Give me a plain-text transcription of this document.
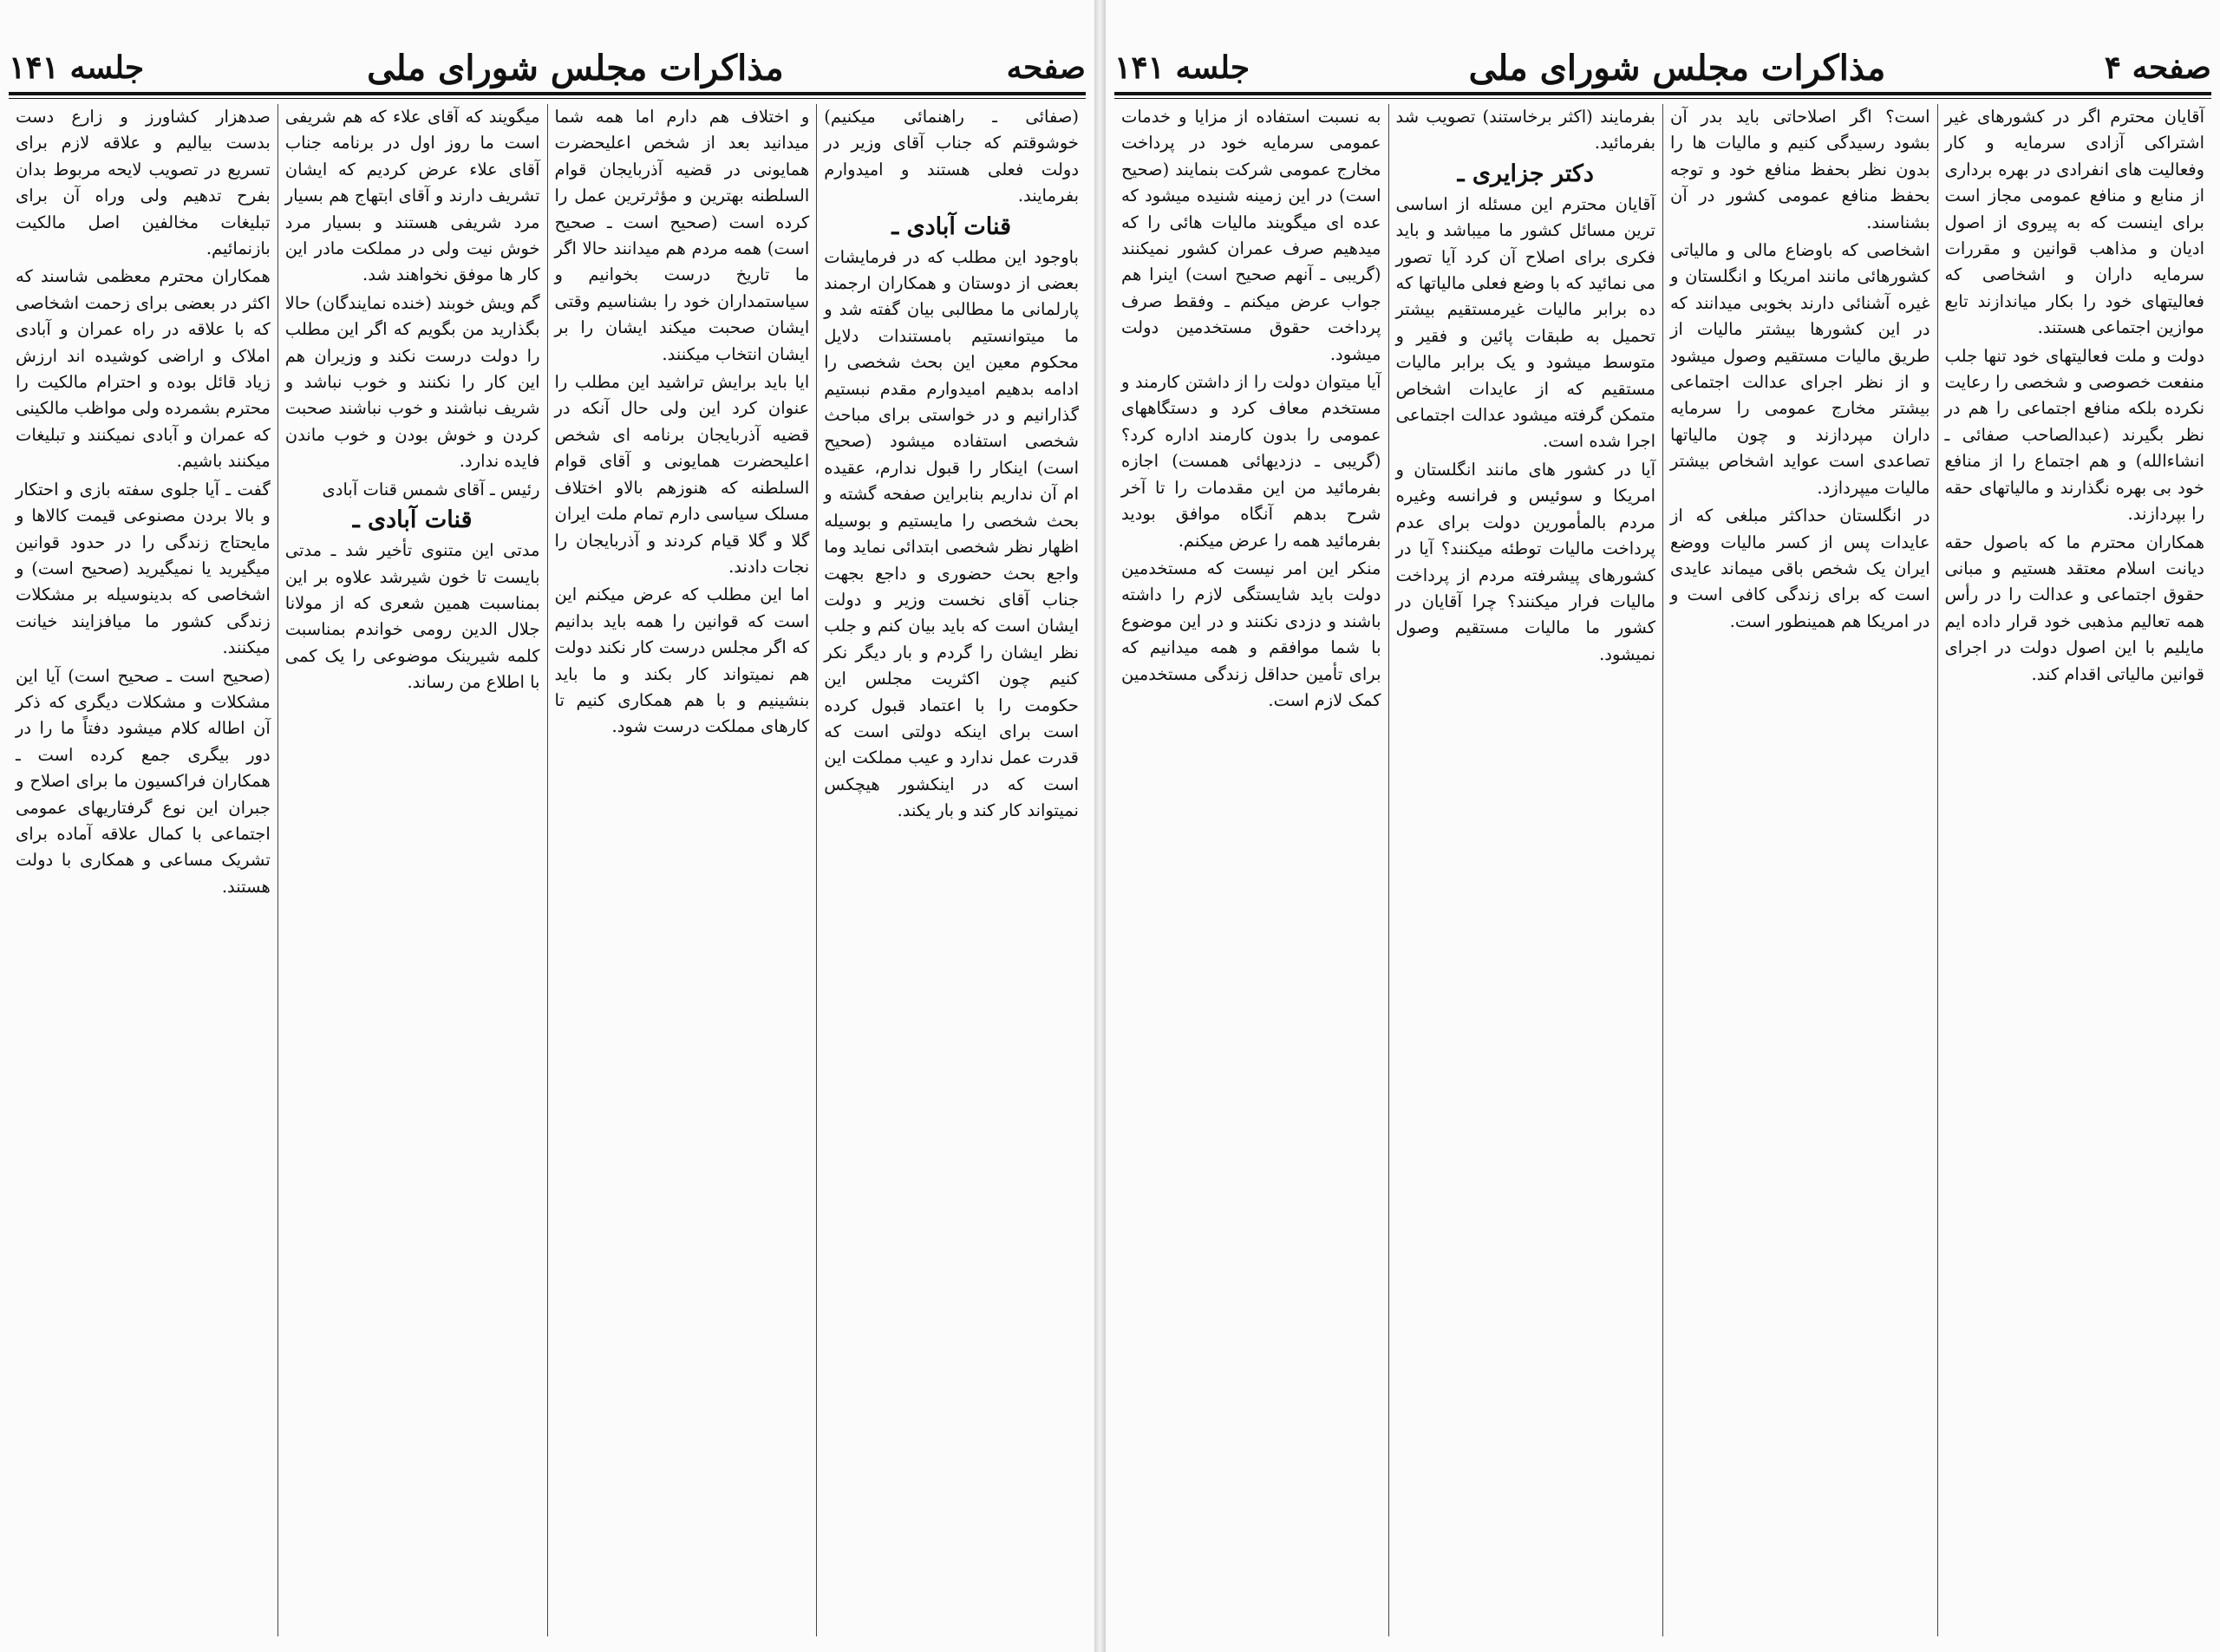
صفحه
مذاکرات مجلس شورای ملی
جلسه ۱۴۱

(صفائی ـ راهنمائی میکنیم) خوشوقتم که جناب آقای وزیر در دولت فعلی هستند و امیدوارم بفرمایند.

قنات آبادی ـ

باوجود این مطلب که در فرمایشات بعضی از دوستان و همکاران ارجمند پارلمانی ما مطالبی بیان گفته شد و ما میتوانستیم بامستندات دلایل محکوم معین این بحث شخصی را ادامه بدهیم امیدوارم مقدم نبستیم گذارانیم و در خواستی برای مباحث شخصی استفاده میشود (صحیح است) اینکار را قبول ندارم، عقیده ام آن نداریم بنابراین صفحه گشته و بحث شخصی را مایستیم و بوسیله اظهار نظر شخصی ابتدائی نماید وما واجع بحث حضوری و داجع بجهت جناب آقای نخست وزیر و دولت ایشان است که باید بیان کنم و جلب نظر ایشان را گردم و بار دیگر نکر کنیم چون اکثریت مجلس این حکومت را با اعتماد قبول کرده است برای اینکه دولتی است که قدرت عمل ندارد و عیب مملکت این است که در اینکشور هیچکس نمیتواند کار کند و بار یکند.

و اختلاف هم دارم اما همه شما میدانید بعد از شخص اعلیحضرت همایونی در قضیه آذربایجان قوام السلطنه بهترین و مؤثرترین عمل را کرده است (صحیح است ـ صحیح است) همه مردم هم میدانند حالا اگر ما تاریخ درست بخوانیم و سیاستمداران خود را بشناسیم وقتی ایشان صحبت میکند ایشان را بر ایشان انتخاب میکنند.

ایا باید برایش تراشید این مطلب را عنوان کرد این ولی حال آنکه در قضیه آذربایجان برنامه ای شخص اعلیحضرت همایونی و آقای قوام السلطنه که هنوزهم بالاو اختلاف مسلک سیاسی دارم تمام ملت ایران گلا و گلا قیام کردند و آذربایجان را نجات دادند.

اما این مطلب که عرض میکنم این است که قوانین را همه باید بدانیم که اگر مجلس درست کار نکند دولت هم نمیتواند کار بکند و ما باید بنشینیم و با هم همکاری کنیم تا کارهای مملکت درست شود.

میگویند که آقای علاء که هم شریفی است ما روز اول در برنامه جناب آقای علاء عرض کردیم که ایشان تشریف دارند و آقای ابتهاج هم بسیار مرد شریفی هستند و بسیار مرد خوش نیت ولی در مملکت مادر این کار ها موفق نخواهند شد.

گم ویش خوبند (خنده نمایندگان) حالا بگذارید من بگویم که اگر این مطلب را دولت درست نکند و وزیران هم این کار را نکنند و خوب نباشد و شریف نباشند و خوب نباشند صحبت کردن و خوش بودن و خوب ماندن فایده ندارد.

رئیس ـ آقای شمس قنات آبادی

قنات آبادی ـ

مدتی این متنوی تأخیر شد ـ مدتی بایست تا خون شیرشد علاوه بر این بمناسبت همین شعری که از مولانا جلال الدین رومی خواندم بمناسبت کلمه شیرینک موضوعی را یک کمی با اطلاع من رساند.

صدهزار کشاورز و زارع دست بدست بیالیم و علاقه لازم برای تسریع در تصویب لایحه مربوط بدان بفرح تدهیم ولی وراه آن برای تبلیغات مخالفین اصل مالکیت بازنمائیم.

همکاران محترم معظمی شاسند که اکثر در بعضی برای زحمت اشخاصی که با علاقه در راه عمران و آبادی املاک و اراضی کوشیده اند ارزش زیاد قائل بوده و احترام مالکیت را محترم بشمرده ولی مواظب مالکینی که عمران و آبادی نمیکنند و تبلیغات میکنند باشیم.

گفت ـ آیا جلوی سفته بازی و احتکار و بالا بردن مصنوعی قیمت کالاها و مایحتاج زندگی را در حدود قوانین میگیرید یا نمیگیرید (صحیح است) و اشخاصی که بدینوسیله بر مشکلات زندگی کشور ما میافزایند خیانت میکنند.

(صحیح است ـ صحیح است) آیا این مشکلات و مشکلات دیگری که ذکر آن اطاله کلام میشود دفتاً ما را در دور بیگری جمع کرده است ـ همکاران فراکسیون ما برای اصلاح و جبران این نوع گرفتاریهای عمومی اجتماعی با کمال علاقه آماده برای تشریک مساعی و همکاری با دولت هستند.

صفحه ۴
مذاکرات مجلس شورای ملی
جلسه ۱۴۱

آقایان محترم اگر در کشورهای غیر اشتراکی آزادی سرمایه و کار وفعالیت های انفرادی در بهره برداری از منابع و منافع عمومی مجاز است برای اینست که به پیروی از اصول ادیان و مذاهب قوانین و مقررات سرمایه داران و اشخاصی که فعالیتهای خود را بکار میاندازند تابع موازین اجتماعی هستند.

دولت و ملت فعالیتهای خود تنها جلب منفعت خصوصی و شخصی را رعایت نکرده بلکه منافع اجتماعی را هم در نظر بگیرند (عبدالصاحب صفائی ـ انشاءالله) و هم اجتماع را از منافع خود بی بهره نگذارند و مالیاتهای حقه را بپردازند.

همکاران محترم ما که باصول حقه دیانت اسلام معتقد هستیم و مبانی حقوق اجتماعی و عدالت را در رأس همه تعالیم مذهبی خود قرار داده ایم مایلیم با این اصول دولت در اجرای قوانین مالیاتی اقدام کند.

است؟ اگر اصلاحاتی باید بدر آن بشود رسیدگی کنیم و مالیات ها را بدون نظر بحفظ منافع خود و توجه بحفظ منافع عمومی کشور در آن بشناسند.

اشخاصی که باوضاع مالی و مالیاتی کشورهائی مانند امریکا و انگلستان و غیره آشنائی دارند بخوبی میدانند که در این کشورها بیشتر مالیات از طریق مالیات مستقیم وصول میشود و از نظر اجرای عدالت اجتماعی بیشتر مخارج عمومی را سرمایه داران مپردازند و چون مالیاتها تصاعدی است عواید اشخاص بیشتر مالیات میپردازد.

در انگلستان حداکثر مبلغی که از عایدات پس از کسر مالیات ووضع ایران یک شخص باقی میماند عایدی است که برای زندگی کافی است و در امریکا هم همینطور است.

بفرمایند (اکثر برخاستند) تصویب شد بفرمائید.

دکتر جزایری ـ

آقایان محترم این مسئله از اساسی ترین مسائل کشور ما میباشد و باید فکری برای اصلاح آن کرد آیا تصور می نمائید که با وضع فعلی مالیاتها که ده برابر مالیات غیرمستقیم بیشتر تحمیل به طبقات پائین و فقیر و متوسط میشود و یک برابر مالیات مستقیم که از عایدات اشخاص متمکن گرفته میشود عدالت اجتماعی اجرا شده است.

آیا در کشور های مانند انگلستان و امریکا و سوئیس و فرانسه وغیره مردم بالمأمورین دولت برای عدم پرداخت مالیات توطئه میکنند؟ آیا در کشورهای پیشرفته مردم از پرداخت مالیات فرار میکنند؟ چرا آقایان در کشور ما مالیات مستقیم وصول نمیشود.

به نسبت استفاده از مزایا و خدمات عمومی سرمایه خود در پرداخت مخارج عمومی شرکت بنمایند (صحیح است) در این زمینه شنیده میشود که عده ای میگویند مالیات هائی را که میدهیم صرف عمران کشور نمیکنند (گریبی ـ آنهم صحیح است) اینرا هم جواب عرض میکنم ـ وفقط صرف پرداخت حقوق مستخدمین دولت میشود.

آیا میتوان دولت را از داشتن کارمند و مستخدم معاف کرد و دستگاههای عمومی را بدون کارمند اداره کرد؟ (گریبی ـ دزدیهائی همست) اجازه بفرمائید من این مقدمات را تا آخر شرح بدهم آنگاه موافق بودید بفرمائید همه را عرض میکنم.

منکر این امر نیست که مستخدمین دولت باید شایستگی لازم را داشته باشند و دزدی نکنند و در این موضوع با شما موافقم و همه میدانیم که برای تأمین حداقل زندگی مستخدمین کمک لازم است.
